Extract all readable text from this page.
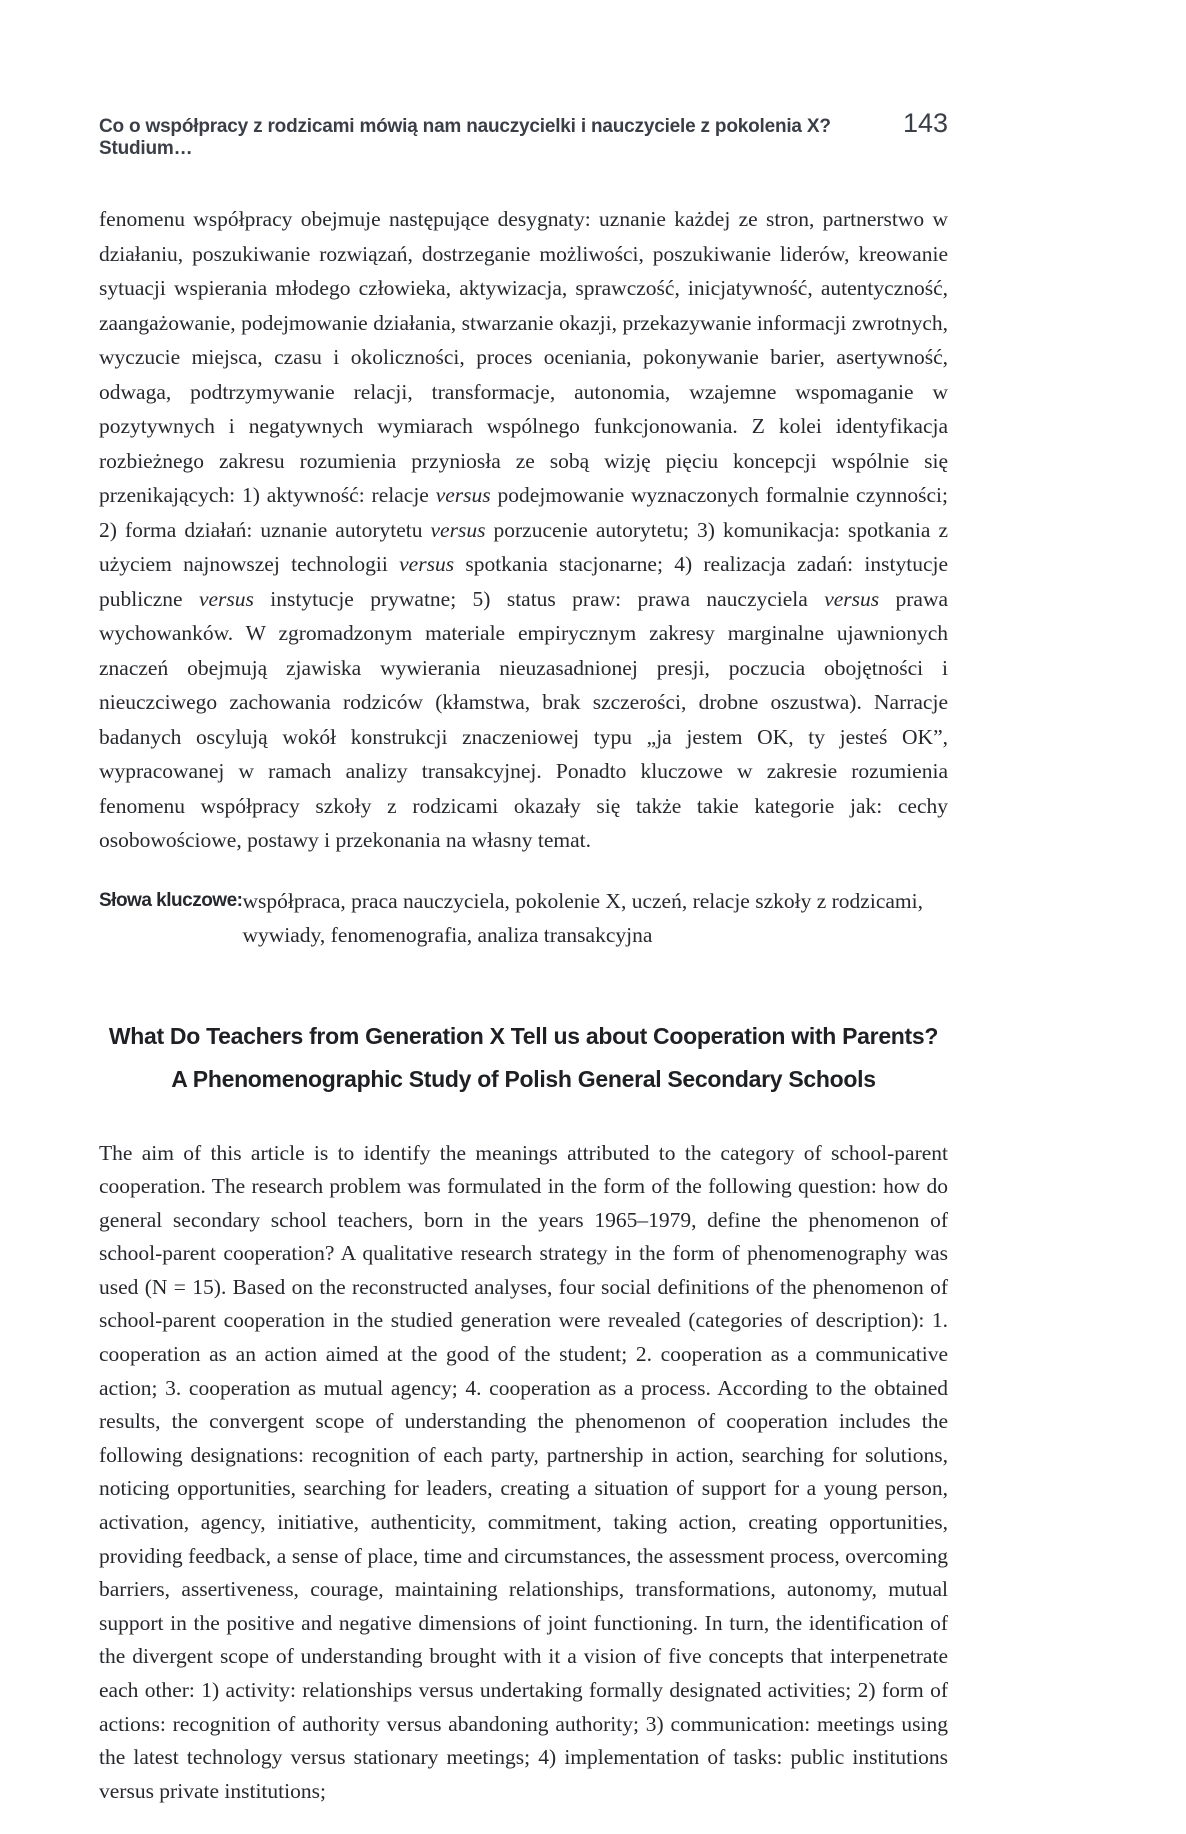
Co o współpracy z rodzicami mówią nam nauczycielki i nauczyciele z pokolenia X? Studium…
143

fenomenu współpracy obejmuje następujące desygnaty: uznanie każdej ze stron, partnerstwo w działaniu, poszukiwanie rozwiązań, dostrzeganie możliwości, poszukiwanie liderów, kreowanie sytuacji wspierania młodego człowieka, aktywizacja, sprawczość, inicjatywność, autentyczność, zaangażowanie, podejmowanie działania, stwarzanie okazji, przekazywanie informacji zwrotnych, wyczucie miejsca, czasu i okoliczności, proces oceniania, pokonywanie barier, asertywność, odwaga, podtrzymywanie relacji, transformacje, autonomia, wzajemne wspomaganie w pozytywnych i negatywnych wymiarach wspólnego funkcjonowania. Z kolei identyfikacja rozbieżnego zakresu rozumienia przyniosła ze sobą wizję pięciu koncepcji wspólnie się przenikających: 1) aktywność: relacje versus podejmowanie wyznaczonych formalnie czynności; 2) forma działań: uznanie autorytetu versus porzucenie autorytetu; 3) komunikacja: spotkania z użyciem najnowszej technologii versus spotkania stacjonarne; 4) realizacja zadań: instytucje publiczne versus instytucje prywatne; 5) status praw: prawa nauczyciela versus prawa wychowanków. W zgromadzonym materiale empirycznym zakresy marginalne ujawnionych znaczeń obejmują zjawiska wywierania nieuzasadnionej presji, poczucia obojętności i nieuczciwego zachowania rodziców (kłamstwa, brak szczerości, drobne oszustwa). Narracje badanych oscylują wokół konstrukcji znaczeniowej typu „ja jestem OK, ty jesteś OK”, wypracowanej w ramach analizy transakcyjnej. Ponadto kluczowe w zakresie rozumienia fenomenu współpracy szkoły z rodzicami okazały się także takie kategorie jak: cechy osobowościowe, postawy i przekonania na własny temat.

Słowa kluczowe: współpraca, praca nauczyciela, pokolenie X, uczeń, relacje szkoły z rodzicami, wywiady, fenomenografia, analiza transakcyjna
What Do Teachers from Generation X Tell us about Cooperation with Parents?
A Phenomenographic Study of Polish General Secondary Schools

The aim of this article is to identify the meanings attributed to the category of school-parent cooperation. The research problem was formulated in the form of the following question: how do general secondary school teachers, born in the years 1965–1979, define the phenomenon of school-parent cooperation? A qualitative research strategy in the form of phenomenography was used (N = 15). Based on the reconstructed analyses, four social definitions of the phenomenon of school-parent cooperation in the studied generation were revealed (categories of description): 1. cooperation as an action aimed at the good of the student; 2. cooperation as a communicative action; 3. cooperation as mutual agency; 4. cooperation as a process. According to the obtained results, the convergent scope of understanding the phenomenon of cooperation includes the following designations: recognition of each party, partnership in action, searching for solutions, noticing opportunities, searching for leaders, creating a situation of support for a young person, activation, agency, initiative, authenticity, commitment, taking action, creating opportunities, providing feedback, a sense of place, time and circumstances, the assessment process, overcoming barriers, assertiveness, courage, maintaining relationships, transformations, autonomy, mutual support in the positive and negative dimensions of joint functioning. In turn, the identification of the divergent scope of understanding brought with it a vision of five concepts that interpenetrate each other: 1) activity: relationships versus undertaking formally designated activities; 2) form of actions: recognition of authority versus abandoning authority; 3) communication: meetings using the latest technology versus stationary meetings; 4) implementation of tasks: public institutions versus private institutions;
